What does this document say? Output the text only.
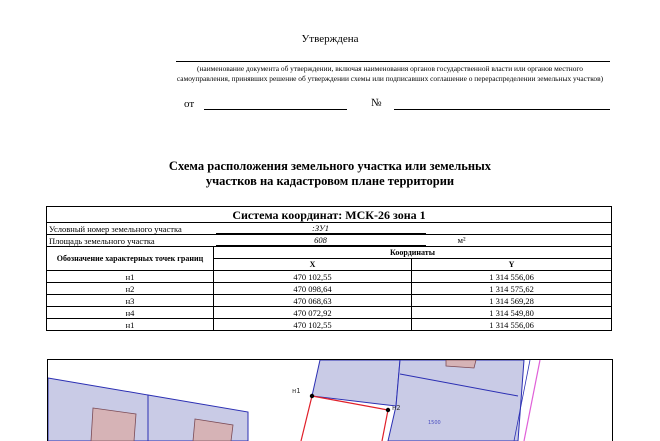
Утверждена
(наименование документа об утверждении, включая наименования органов государственной власти или органов местного самоуправления, принявших решение об утверждении схемы или подписавших соглашение о перераспределении земельных участков)
от	№
Схема расположения земельного участка или земельных
участков на кадастровом плане территории
Система координат: МСК-26 зона 1		
Условный номер земельного участка	:ЗУ1	
Площадь земельного участка	608 м²	
Обозначение характерных точек границ	Координаты	
	X	Y
н1	470 102,55	1 314 556,06
н2	470 098,64	1 314 575,62
н3	470 068,63	1 314 569,28
н4	470 072,92	1 314 549,80
н1	470 102,55	1 314 556,06
н1
н2
1500
